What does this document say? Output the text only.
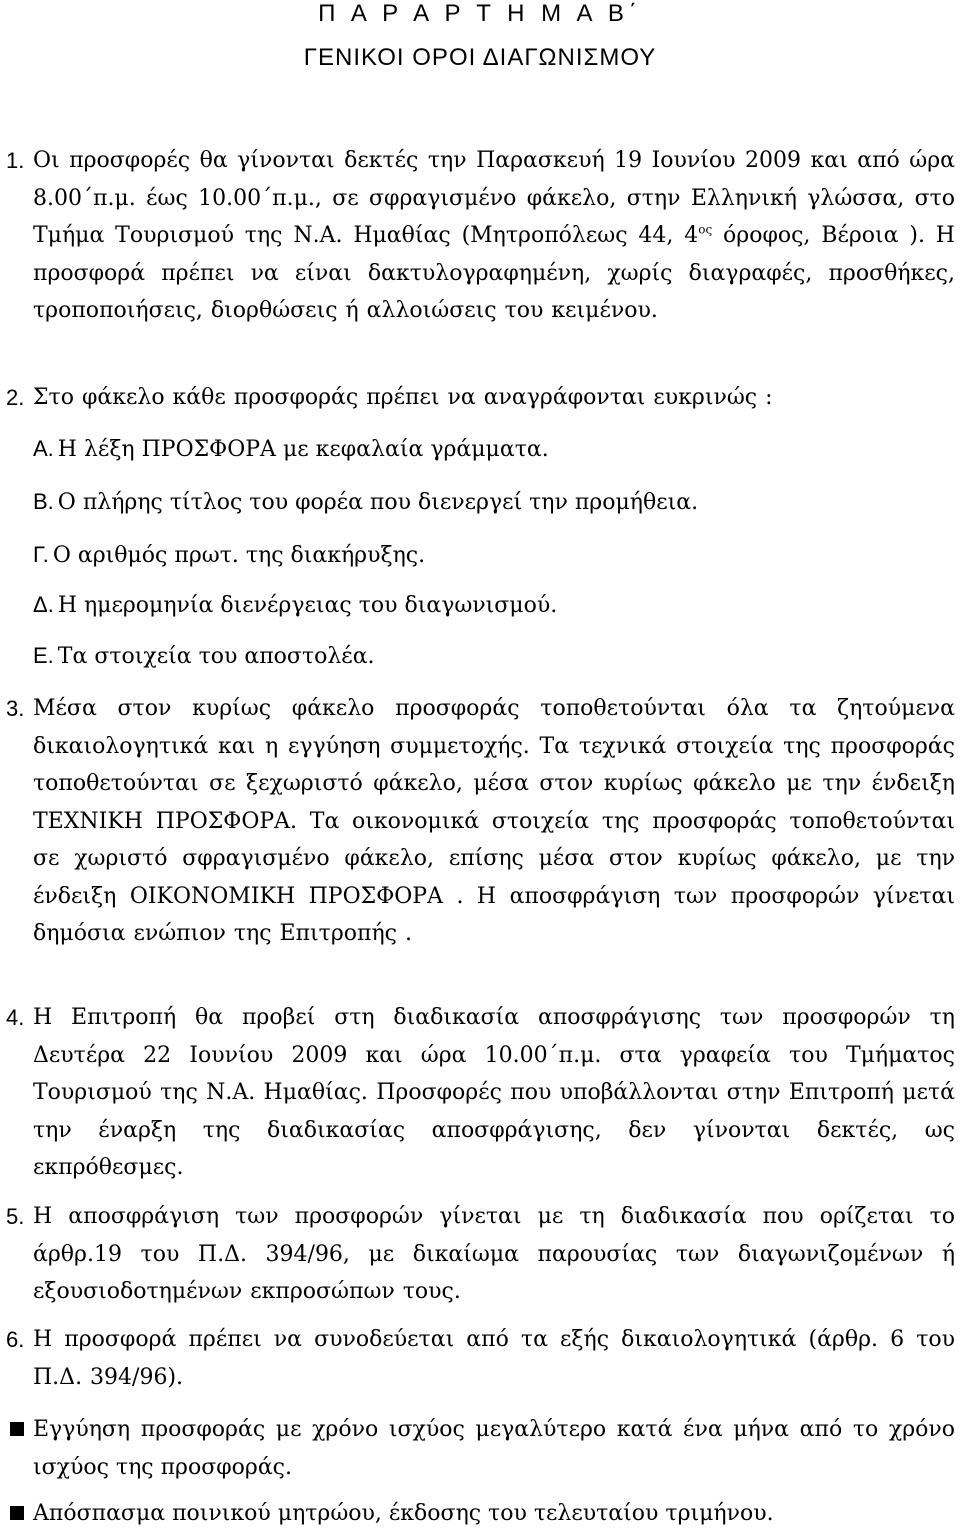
Π Α Ρ Α Ρ Τ Η Μ Α Β΄
ΓΕΝΙΚΟΙ ΟΡΟΙ ΔΙΑΓΩΝΙΣΜΟΥ
1. Οι προσφορές θα γίνονται δεκτές την Παρασκευή 19 Ιουνίου 2009 και από ώρα 8.00΄π.μ. έως 10.00΄π.μ., σε σφραγισμένο φάκελο, στην Ελληνική γλώσσα, στο Τμήμα Τουρισμού της Ν.Α. Ημαθίας (Μητροπόλεως 44, $4^{o\varsigma}$ όροφος, Βέροια ). Η προσφορά πρέπει να είναι δακτυλογραφημένη, χωρίς διαγραφές, προσθήκες, τροποποιήσεις, διορθώσεις ή αλλοιώσεις του κειμένου.
2. Στο φάκελο κάθε προσφοράς πρέπει να αναγράφονται ευκρινώς :
Α. Η λέξη ΠΡΟΣΦΟΡΑ με κεφαλαία γράμματα.
Β. Ο πλήρης τίτλος του φορέα που διενεργεί την προμήθεια.
Γ. Ο αριθμός πρωτ. της διακήρυξης.
Δ. Η ημερομηνία διενέργειας του διαγωνισμού.
Ε. Τα στοιχεία του αποστολέα.
3. Μέσα στον κυρίως φάκελο προσφοράς τοποθετούνται όλα τα ζητούμενα δικαιολογητικά και η εγγύηση συμμετοχής. Τα τεχνικά στοιχεία της προσφοράς τοποθετούνται σε ξεχωριστό φάκελο, μέσα στον κυρίως φάκελο με την ένδειξη ΤΕΧΝΙΚΗ ΠΡΟΣΦΟΡΑ. Τα οικονομικά στοιχεία της προσφοράς τοποθετούνται σε χωριστό σφραγισμένο φάκελο, επίσης μέσα στον κυρίως φάκελο, με την ένδειξη ΟΙΚΟΝΟΜΙΚΗ ΠΡΟΣΦΟΡΑ . Η αποσφράγιση των προσφορών γίνεται δημόσια ενώπιον της Επιτροπής .
4. Η Επιτροπή θα προβεί στη διαδικασία αποσφράγισης των προσφορών τη Δευτέρα 22 Ιουνίου 2009 και ώρα 10.00΄π.μ. στα γραφεία του Τμήματος Τουρισμού της Ν.Α. Ημαθίας. Προσφορές που υποβάλλονται στην Επιτροπή μετά την έναρξη της διαδικασίας αποσφράγισης, δεν γίνονται δεκτές, ως εκπρόθεσμες.
5. Η αποσφράγιση των προσφορών γίνεται με τη διαδικασία που ορίζεται το άρθρ.19 του Π.Δ. 394/96, με δικαίωμα παρουσίας των διαγωνιζομένων ή εξουσιοδοτημένων εκπροσώπων τους.
6. Η προσφορά πρέπει να συνοδεύεται από τα εξής δικαιολογητικά (άρθρ. 6 του Π.Δ. 394/96).
Εγγύηση προσφοράς με χρόνο ισχύος μεγαλύτερο κατά ένα μήνα από το χρόνο ισχύος της προσφοράς.
Απόσπασμα ποινικού μητρώου, έκδοσης του τελευταίου τριμήνου.
